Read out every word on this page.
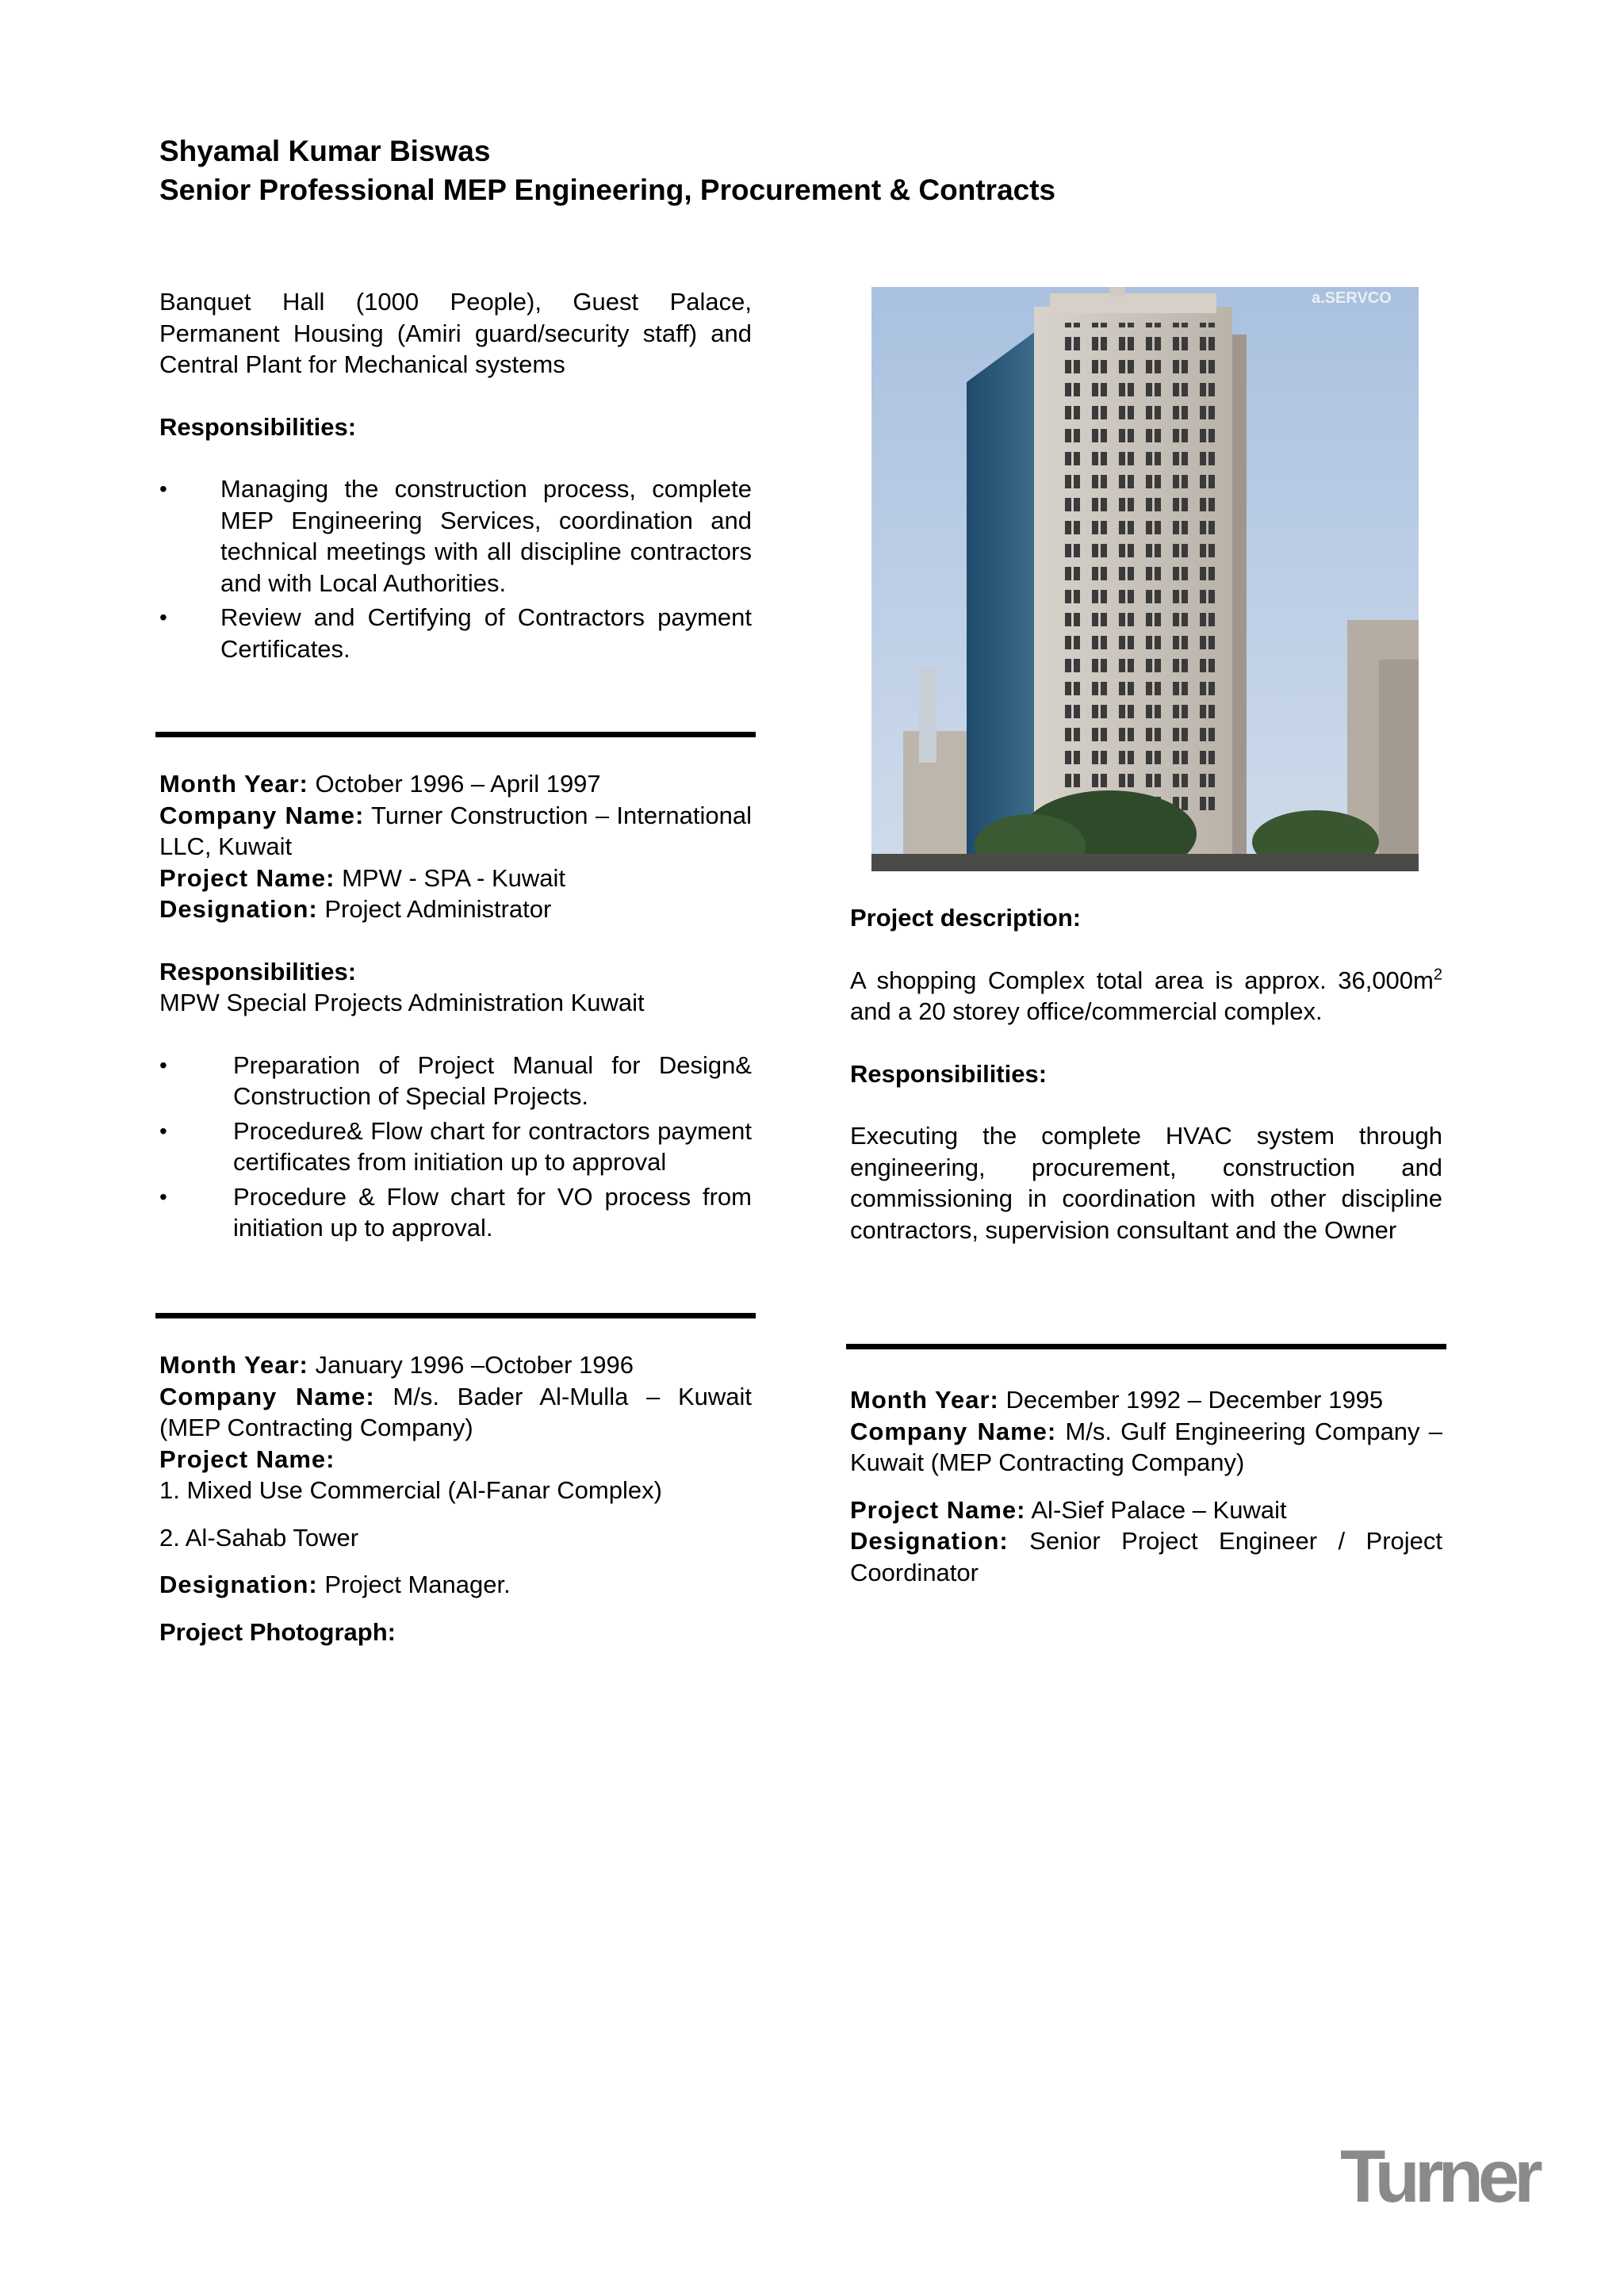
Shyamal Kumar Biswas
Senior Professional MEP Engineering, Procurement & Contracts

Banquet Hall (1000 People), Guest Palace, Permanent Housing (Amiri guard/security staff) and Central Plant for Mechanical systems

Responsibilities:

• Managing the construction process, complete MEP Engineering Services, coordination and technical meetings with all discipline contractors and with Local Authorities.
• Review and Certifying of Contractors payment Certificates.

Month Year: October 1996 – April 1997

Company Name: Turner Construction – International LLC, Kuwait

Project Name: MPW - SPA - Kuwait

Designation: Project Administrator

Responsibilities:

MPW Special Projects Administration Kuwait

•	Preparation of Project Manual for Design& Construction of Special Projects.
•	Procedure& Flow chart for contractors payment certificates from initiation up to approval
•	Procedure & Flow chart for VO process from initiation up to approval.

Month Year: January 1996 –October 1996

Company Name: M/s. Bader Al-Mulla – Kuwait (MEP Contracting Company)

Project Name:

1. Mixed Use Commercial (Al-Fanar Complex)

2. Al-Sahab Tower

Designation: Project Manager.

Project Photograph:

a.SERVCO

Project description:

A shopping Complex total area is approx. $36,000m^2$ and a 20 storey office/commercial complex.

Responsibilities:

Executing the complete HVAC system through engineering, procurement, construction and commissioning in coordination with other discipline contractors, supervision consultant and the Owner

Month Year: December 1992 – December 1995

Company Name: M/s. Gulf Engineering Company – Kuwait (MEP Contracting Company)

Project Name: Al-Sief Palace – Kuwait

Designation: Senior Project Engineer / Project Coordinator

Turner
